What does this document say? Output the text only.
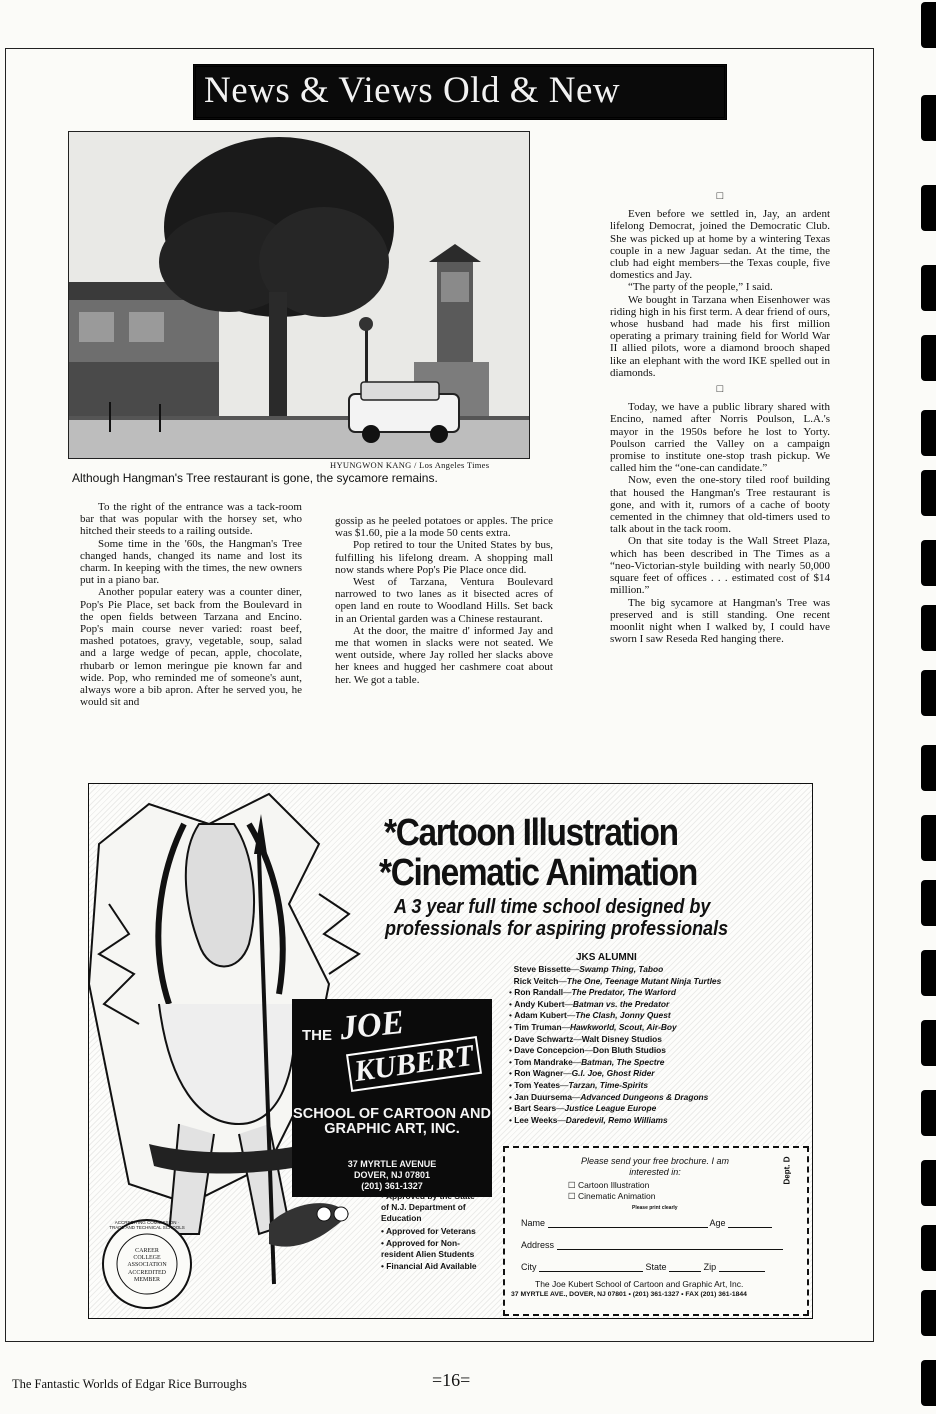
News & Views Old & New
HYUNGWON KANG / Los Angeles Times
Although Hangman's Tree restaurant is gone, the sycamore remains.

To the right of the entrance was a tack-room bar that was popular with the horsey set, who hitched their steeds to a railing outside.

Some time in the '60s, the Hangman's Tree changed hands, changed its name and lost its charm. In keeping with the times, the new owners put in a piano bar.

Another popular eatery was a counter diner, Pop's Pie Place, set back from the Boulevard in the open fields between Tarzana and Encino. Pop's main course never varied: roast beef, mashed potatoes, gravy, vegetable, soup, salad and a large wedge of pecan, apple, chocolate, rhubarb or lemon meringue pie known far and wide. Pop, who reminded me of someone's aunt, always wore a bib apron. After he served you, he would sit and

gossip as he peeled potatoes or apples. The price was $1.60, pie a la mode 50 cents extra.

Pop retired to tour the United States by bus, fulfilling his lifelong dream. A shopping mall now stands where Pop's Pie Place once did.

West of Tarzana, Ventura Boulevard narrowed to two lanes as it bisected acres of open land en route to Woodland Hills. Set back in an Oriental garden was a Chinese restaurant.

At the door, the maitre d' informed Jay and me that women in slacks were not seated. We went outside, where Jay rolled her slacks above her knees and hugged her cashmere coat about her. We got a table.

□

Even before we settled in, Jay, an ardent lifelong Democrat, joined the Democratic Club. She was picked up at home by a wintering Texas couple in a new Jaguar sedan. At the time, the club had eight members—the Texas couple, five domestics and Jay.

“The party of the people,” I said.

We bought in Tarzana when Eisenhower was riding high in his first term. A dear friend of ours, whose husband had made his first million operating a primary training field for World War II allied pilots, wore a diamond brooch shaped like an elephant with the word IKE spelled out in diamonds.

□

Today, we have a public library shared with Encino, named after Norris Poulson, L.A.'s mayor in the 1950s before he lost to Yorty. Poulson carried the Valley on a campaign promise to institute one-stop trash pickup. We called him the “one-can candidate.”

Now, even the one-story tiled roof building that housed the Hangman's Tree restaurant is gone, and with it, rumors of a cache of booty cemented in the chimney that old-timers used to talk about in the tack room.

On that site today is the Wall Street Plaza, which has been described in The Times as a “neo-Victorian-style building with nearly 50,000 square feet of offices . . . estimated cost of $14 million.”

The big sycamore at Hangman's Tree was preserved and is still standing. One recent moonlit night when I walked by, I could have sworn I saw Reseda Red hanging there.

*Cartoon Illustration
*Cinematic Animation
A 3 year full time school designed by
professionals for aspiring professionals
JKS ALUMNI
Steve Bissette—Swamp Thing, Taboo
Rick Veitch—The One, Teenage Mutant Ninja Turtles
• Ron Randall—The Predator, The Warlord
• Andy Kubert—Batman vs. the Predator
• Adam Kubert—The Clash, Jonny Quest
• Tim Truman—Hawkworld, Scout, Air-Boy
• Dave Schwartz—Walt Disney Studios
• Dave Concepcion—Don Bluth Studios
• Tom Mandrake—Batman, The Spectre
• Ron Wagner—G.I. Joe, Ghost Rider
• Tom Yeates—Tarzan, Time-Spirits
• Jan Duursema—Advanced Dungeons & Dragons
• Bart Sears—Justice League Europe
• Lee Weeks—Daredevil, Remo Williams
THE JOE
KUBERT
SCHOOL OF CARTOON AND GRAPHIC ART, INC.
37 MYRTLE AVENUE
DOVER, NJ 07801
(201) 361-1327
• Approved by the State of N.J. Department of Education
• Approved for Veterans
• Approved for Non-resident Alien Students
• Financial Aid Available
ACCREDITING COMMISSION · TRADE AND TECHNICAL SCHOOLS
CAREER COLLEGE ASSOCIATION
ACCREDITED MEMBER
Please send your free brochure. I am interested in:	Dept. D
☐ Cartoon Illustration
☐ Cinematic Animation
Please print clearly
Name	Age
Address
City	State	Zip
The Joe Kubert School of Cartoon and Graphic Art, Inc.
37 MYRTLE AVE., DOVER, NJ 07801 • (201) 361-1327 • FAX (201) 361-1844
The Fantastic Worlds of Edgar Rice Burroughs	=16=
